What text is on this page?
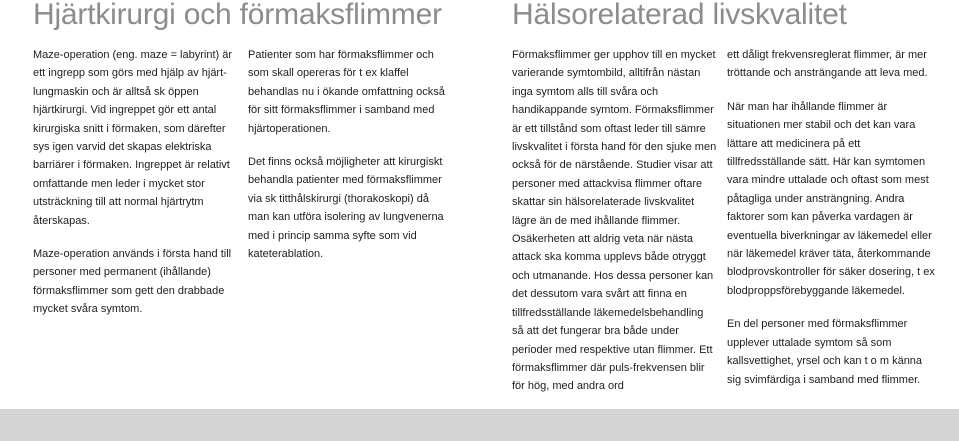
Hjärtkirurgi och förmaksflimmer Hälsorelaterad livskvalitet

Maze-operation (eng. maze = labyrint) är ett ingrepp som görs med hjälp av hjärt-lungmaskin och är alltså sk öppen hjärtkirurgi. Vid ingreppet gör ett antal kirurgiska snitt i förmaken, som därefter sys igen varvid det skapas elektriska barriärer i förmaken. Ingreppet är relativt omfattande men leder i mycket stor utsträckning till att normal hjärtrytm återskapas.

Maze-operation används i första hand till personer med permanent (ihållande) förmaksflimmer som gett den drabbade mycket svåra symtom.

Patienter som har förmaksflimmer och som skall opereras för t ex klaffel behandlas nu i ökande omfattning också för sitt förmaksflimmer i samband med hjärtoperationen.

Det finns också möjligheter att kirurgiskt behandla patienter med förmaksflimmer via sk titthålskirurgi (thorakoskopi) då man kan utföra isolering av lungvenerna med i princip samma syfte som vid kateterablation.

Förmaksflimmer ger upphov till en mycket varierande symtombild, alltifrån nästan inga symtom alls till svåra och handikappande symtom. Förmaksflimmer är ett tillstånd som oftast leder till sämre livskvalitet i första hand för den sjuke men också för de närstående. Studier visar att personer med attackvisa flimmer oftare skattar sin hälsorelaterade livskvalitet lägre än de med ihållande flimmer. Osäkerheten att aldrig veta när nästa attack ska komma upplevs både otryggt och utmanande. Hos dessa personer kan det dessutom vara svårt att finna en tillfredsställande läkemedelsbehandling så att det fungerar bra både under perioder med respektive utan flimmer. Ett förmaksflimmer där puls-frekvensen blir för hög, med andra ord

ett dåligt frekvensreglerat flimmer, är mer tröttande och ansträngande att leva med.

När man har ihållande flimmer är situationen mer stabil och det kan vara lättare att medicinera på ett tillfredsställande sätt. Här kan symtomen vara mindre uttalade och oftast som mest påtagliga under ansträngning. Andra faktorer som kan påverka vardagen är eventuella biverkningar av läkemedel eller när läkemedel kräver täta, återkommande blodprovskontroller för säker dosering, t ex blodproppsförebyggande läkemedel.

En del personer med förmaksflimmer upplever uttalade symtom så som kallsvettighet, yrsel och kan t o m känna sig svimfärdiga i samband med flimmer.
